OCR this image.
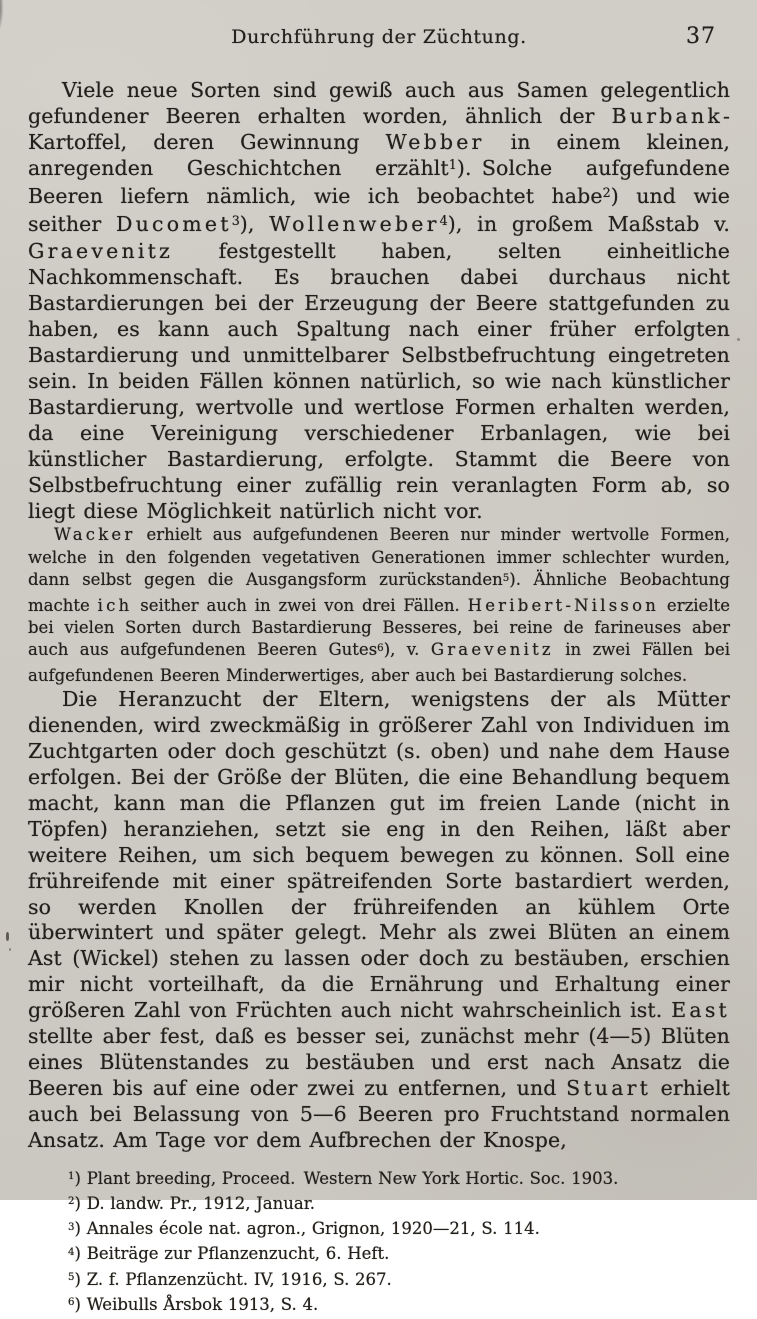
Durchführung der Züchtung.	37

Viele neue Sorten sind gewiß auch aus Samen gelegentlich gefundener Beeren erhalten worden, ähnlich der Burbank-Kartoffel, deren Gewinnung Webber in einem kleinen, anregenden Geschichtchen erzählt$^1$). Solche aufgefundene Beeren liefern nämlich, wie ich beobachtet habe$^2$) und wie seither Ducomet$^3$), Wollenweber$^4$), in großem Maßstab v. Graevenitz festgestellt haben, selten einheitliche Nachkommenschaft. Es brauchen dabei durchaus nicht Bastardierungen bei der Erzeugung der Beere stattgefunden zu haben, es kann auch Spaltung nach einer früher erfolgten Bastardierung und unmittelbarer Selbstbefruchtung eingetreten sein. In beiden Fällen können natürlich, so wie nach künstlicher Bastardierung, wertvolle und wertlose Formen erhalten werden, da eine Vereinigung verschiedener Erbanlagen, wie bei künstlicher Bastardierung, erfolgte. Stammt die Beere von Selbstbefruchtung einer zufällig rein veranlagten Form ab, so liegt diese Möglichkeit natürlich nicht vor.

Wacker erhielt aus aufgefundenen Beeren nur minder wertvolle Formen, welche in den folgenden vegetativen Generationen immer schlechter wurden, dann selbst gegen die Ausgangsform zurückstanden$^5$). Ähnliche Beobachtung machte ich seither auch in zwei von drei Fällen. Heribert-Nilsson erzielte bei vielen Sorten durch Bastardierung Besseres, bei reine de farineuses aber auch aus aufgefundenen Beeren Gutes$^6$), v. Graevenitz in zwei Fällen bei aufgefundenen Beeren Minderwertiges, aber auch bei Bastardierung solches.

Die Heranzucht der Eltern, wenigstens der als Mütter dienenden, wird zweckmäßig in größerer Zahl von Individuen im Zuchtgarten oder doch geschützt (s. oben) und nahe dem Hause erfolgen. Bei der Größe der Blüten, die eine Behandlung bequem macht, kann man die Pflanzen gut im freien Lande (nicht in Töpfen) heranziehen, setzt sie eng in den Reihen, läßt aber weitere Reihen, um sich bequem bewegen zu können. Soll eine frühreifende mit einer spätreifenden Sorte bastardiert werden, so werden Knollen der frühreifenden an kühlem Orte überwintert und später gelegt. Mehr als zwei Blüten an einem Ast (Wickel) stehen zu lassen oder doch zu bestäuben, erschien mir nicht vorteilhaft, da die Ernährung und Erhaltung einer größeren Zahl von Früchten auch nicht wahrscheinlich ist. East stellte aber fest, daß es besser sei, zunächst mehr (4—5) Blüten eines Blütenstandes zu bestäuben und erst nach Ansatz die Beeren bis auf eine oder zwei zu entfernen, und Stuart erhielt auch bei Belassung von 5—6 Beeren pro Fruchtstand normalen Ansatz. Am Tage vor dem Aufbrechen der Knospe,

$^1$) Plant breeding, Proceed. Western New York Hortic. Soc. 1903.

$^2$) D. landw. Pr., 1912, Januar.

$^3$) Annales école nat. agron., Grignon, 1920—21, S. 114.

$^4$) Beiträge zur Pflanzenzucht, 6. Heft.

$^5$) Z. f. Pflanzenzücht. IV, 1916, S. 267.

$^6$) Weibulls Årsbok 1913, S. 4.
